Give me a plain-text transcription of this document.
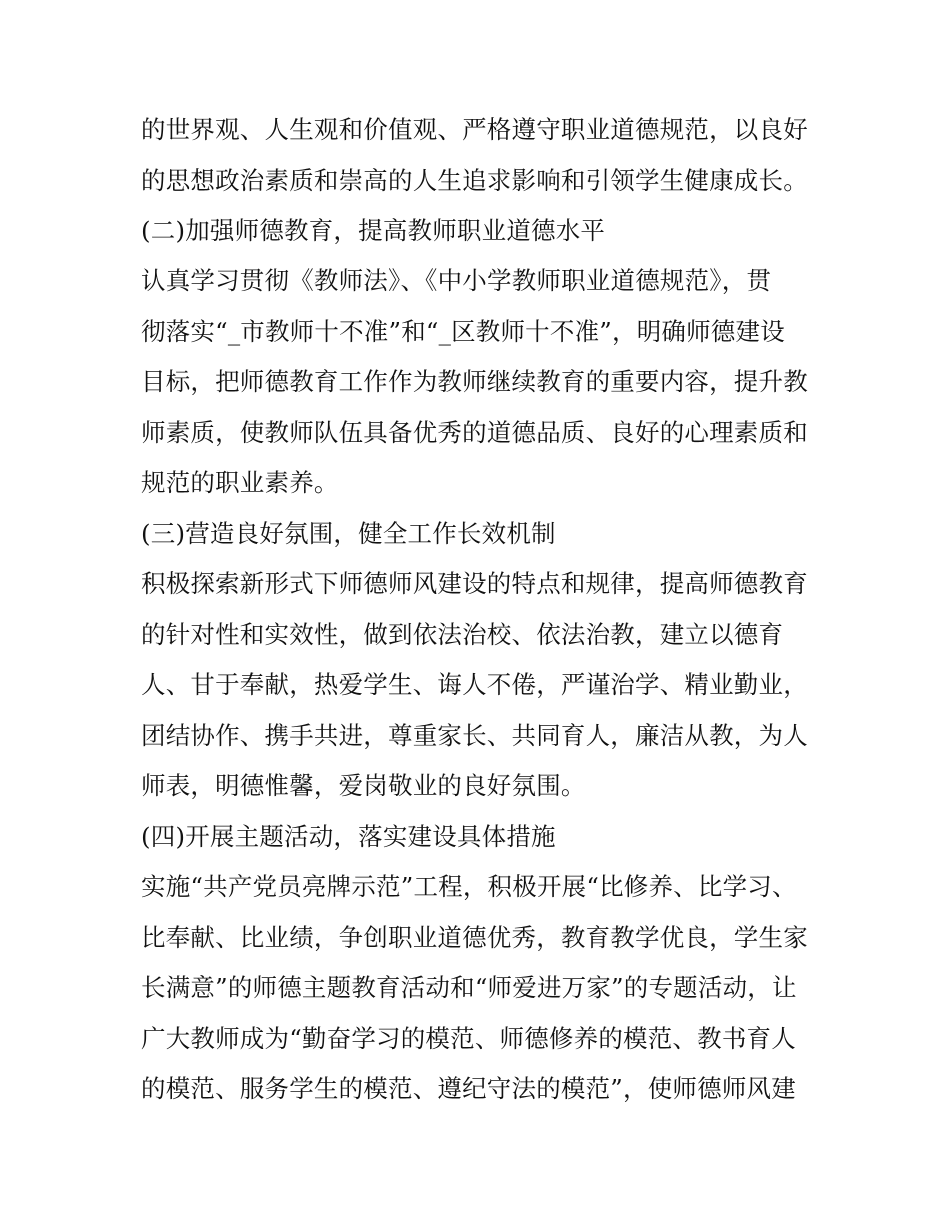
的世界观、人生观和价值观、严格遵守职业道德规范，以良好
的思想政治素质和崇高的人生追求影响和引领学生健康成长。
(二)加强师德教育，提高教师职业道德水平
认真学习贯彻《教师法》、《中小学教师职业道德规范》，贯
彻落实“_市教师十不准”和“_区教师十不准”，明确师德建设
目标，把师德教育工作作为教师继续教育的重要内容，提升教
师素质，使教师队伍具备优秀的道德品质、良好的心理素质和
规范的职业素养。
(三)营造良好氛围，健全工作长效机制
积极探索新形式下师德师风建设的特点和规律，提高师德教育
的针对性和实效性，做到依法治校、依法治教，建立以德育
人、甘于奉献，热爱学生、诲人不倦，严谨治学、精业勤业，
团结协作、携手共进，尊重家长、共同育人，廉洁从教，为人
师表，明德惟馨，爱岗敬业的良好氛围。
(四)开展主题活动，落实建设具体措施
实施“共产党员亮牌示范”工程，积极开展“比修养、比学习、
比奉献、比业绩，争创职业道德优秀，教育教学优良，学生家
长满意”的师德主题教育活动和“师爱进万家”的专题活动，让
广大教师成为“勤奋学习的模范、师德修养的模范、教书育人
的模范、服务学生的模范、遵纪守法的模范”，使师德师风建
